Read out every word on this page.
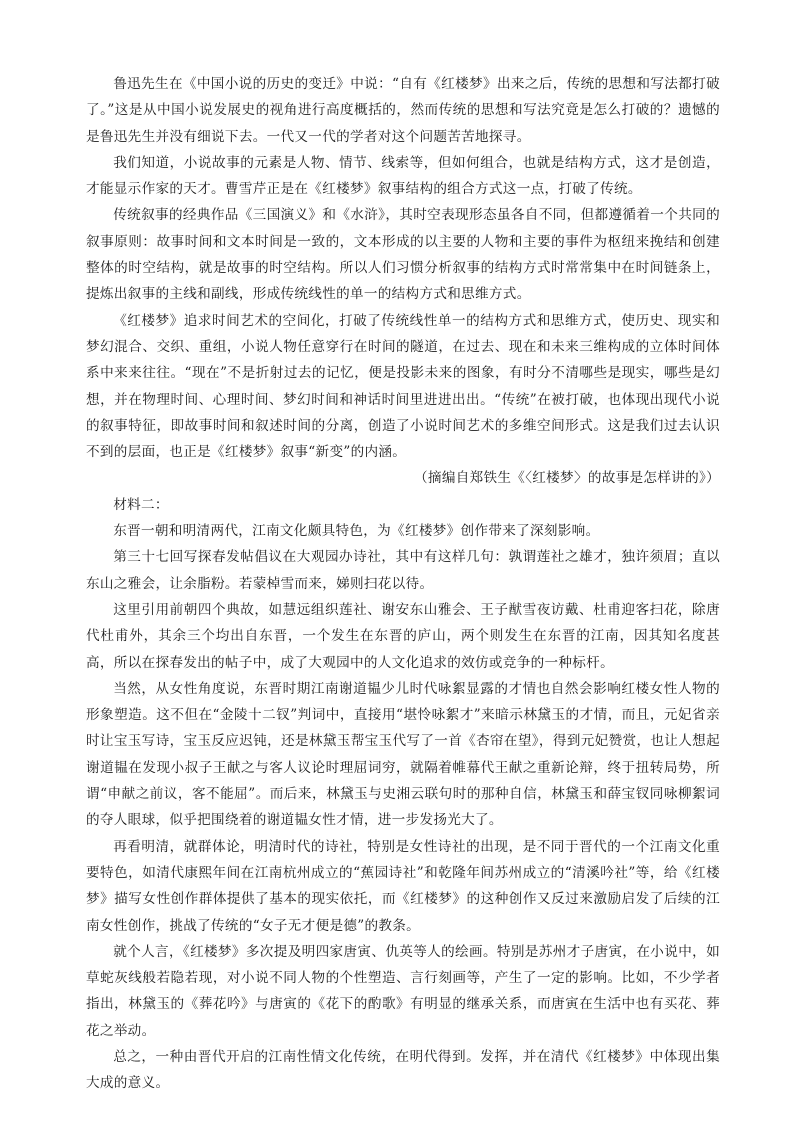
鲁迅先生在《中国小说的历史的变迁》中说：“自有《红楼梦》出来之后，传统的思想和写法都打破了。”这是从中国小说发展史的视角进行高度概括的，然而传统的思想和写法究竟是怎么打破的？遗憾的是鲁迅先生并没有细说下去。一代又一代的学者对这个问题苦苦地探寻。

我们知道，小说故事的元素是人物、情节、线索等，但如何组合，也就是结构方式，这才是创造，才能显示作家的天才。曹雪芹正是在《红楼梦》叙事结构的组合方式这一点，打破了传统。

传统叙事的经典作品《三国演义》和《水浒》，其时空表现形态虽各自不同，但都遵循着一个共同的叙事原则：故事时间和文本时间是一致的，文本形成的以主要的人物和主要的事件为枢纽来挽结和创建整体的时空结构，就是故事的时空结构。所以人们习惯分析叙事的结构方式时常常集中在时间链条上，提炼出叙事的主线和副线，形成传统线性的单一的结构方式和思维方式。

《红楼梦》追求时间艺术的空间化，打破了传统线性单一的结构方式和思维方式，使历史、现实和梦幻混合、交织、重组，小说人物任意穿行在时间的隧道，在过去、现在和未来三维构成的立体时间体系中来来往往。“现在”不是折射过去的记忆，便是投影未来的图象，有时分不清哪些是现实，哪些是幻想，并在物理时间、心理时间、梦幻时间和神话时间里进进出出。“传统”在被打破，也体现出现代小说的叙事特征，即故事时间和叙述时间的分离，创造了小说时间艺术的多维空间形式。这是我们过去认识不到的层面，也正是《红楼梦》叙事“新变”的内涵。

（摘编自郑铁生《〈红楼梦〉的故事是怎样讲的》）

材料二：

东晋一朝和明清两代，江南文化颇具特色，为《红楼梦》创作带来了深刻影响。

第三十七回写探春发帖倡议在大观园办诗社，其中有这样几句：孰谓莲社之雄才，独许须眉；直以东山之雅会，让余脂粉。若蒙棹雪而来，娣则扫花以待。

这里引用前朝四个典故，如慧远组织莲社、谢安东山雅会、王子猷雪夜访戴、杜甫迎客扫花，除唐代杜甫外，其余三个均出自东晋，一个发生在东晋的庐山，两个则发生在东晋的江南，因其知名度甚高，所以在探春发出的帖子中，成了大观园中的人文化追求的效仿或竞争的一种标杆。

当然，从女性角度说，东晋时期江南谢道韫少儿时代咏絮显露的才情也自然会影响红楼女性人物的形象塑造。这不但在“金陵十二钗”判词中，直接用“堪怜咏絮才”来暗示林黛玉的才情，而且，元妃省亲时让宝玉写诗，宝玉反应迟钝，还是林黛玉帮宝玉代写了一首《杏帘在望》，得到元妃赞赏，也让人想起谢道韫在发现小叔子王献之与客人议论时理屈词穷，就隔着帷幕代王献之重新论辩，终于扭转局势，所谓“申献之前议，客不能屈”。而后来，林黛玉与史湘云联句时的那种自信，林黛玉和薛宝钗同咏柳絮词的夺人眼球，似乎把围绕着的谢道韫女性才情，进一步发扬光大了。

再看明清，就群体论，明清时代的诗社，特别是女性诗社的出现，是不同于晋代的一个江南文化重要特色，如清代康熙年间在江南杭州成立的“蕉园诗社”和乾隆年间苏州成立的“清溪吟社”等，给《红楼梦》描写女性创作群体提供了基本的现实依托，而《红楼梦》的这种创作又反过来激励启发了后续的江南女性创作，挑战了传统的“女子无才便是德”的教条。

就个人言，《红楼梦》多次提及明四家唐寅、仇英等人的绘画。特别是苏州才子唐寅，在小说中，如草蛇灰线般若隐若现，对小说不同人物的个性塑造、言行刻画等，产生了一定的影响。比如，不少学者指出，林黛玉的《葬花吟》与唐寅的《花下的酌歌》有明显的继承关系，而唐寅在生活中也有买花、葬花之举动。

总之，一种由晋代开启的江南性情文化传统，在明代得到。发挥，并在清代《红楼梦》中体现出集大成的意义。
